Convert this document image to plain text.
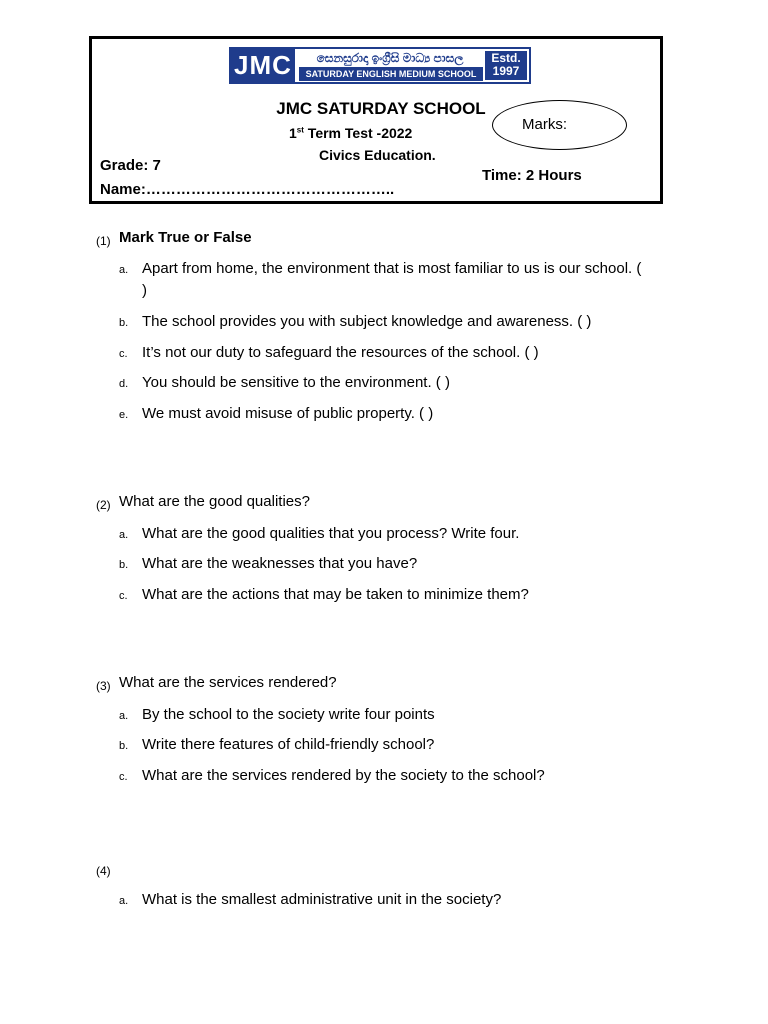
JMC	සෙනසුරාදා ඉංග්‍රීසි මාධ්‍ය පාසල
SATURDAY ENGLISH MEDIUM SCHOOL
Estd.
1997
JMC SATURDAY SCHOOL
1st Term Test -2022
Civics Education.
Marks:
Grade: 7
Name:…………………………………………..
Time: 2 Hours
(1) Mark True or False
a. Apart from home, the environment that is most familiar to us is our school. ( )
b. The school provides you with subject knowledge and awareness. ( )
c. It’s not our duty to safeguard the resources of the school. ( )
d. You should be sensitive to the environment. ( )
e. We must avoid misuse of public property. ( )
(2) What are the good qualities?
a. What are the good qualities that you process? Write four.
b. What are the weaknesses that you have?
c. What are the actions that may be taken to minimize them?
(3) What are the services rendered?
a. By the school to the society write four points
b. Write there features of child-friendly school?
c. What are the services rendered by the society to the school?
(4)
a. What is the smallest administrative unit in the society?
